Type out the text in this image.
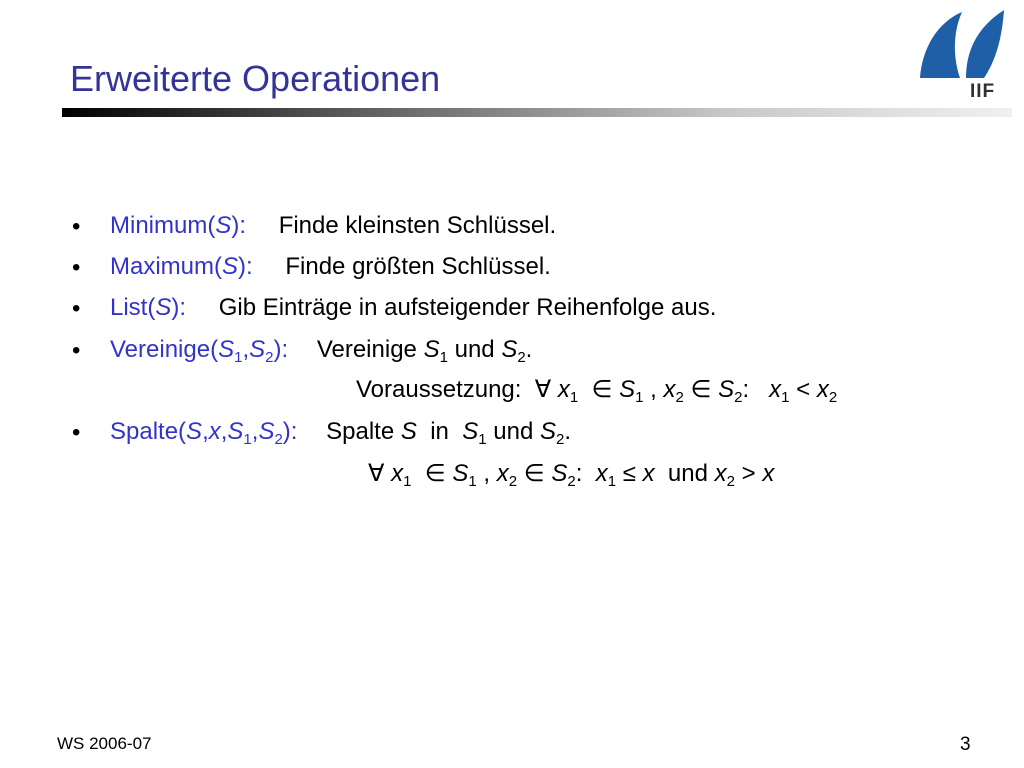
Erweiterte Operationen	IIF
• Minimum(S): Finde kleinsten Schlüssel.
• Maximum(S): Finde größten Schlüssel.
• List(S): Gib Einträge in aufsteigender Reihenfolge aus.
• $Vereinige(S_1,S_2)$: Vereinige $S_1$ und $S_2$.
Voraussetzung:  ∀ $x_1$  ∈ $S_1$ , $x_2$ ∈ $S_2$:   $x_1 < x_2$
• $Spalte(S,x,S_1,S_2)$: Spalte S  in  $S_1$ und $S_2$.
∀ $x_1$  ∈ $S_1$ , $x_2$ ∈ $S_2$:  $x_1 \le x$  und $x_2 > x$
WS 2006-07	3
